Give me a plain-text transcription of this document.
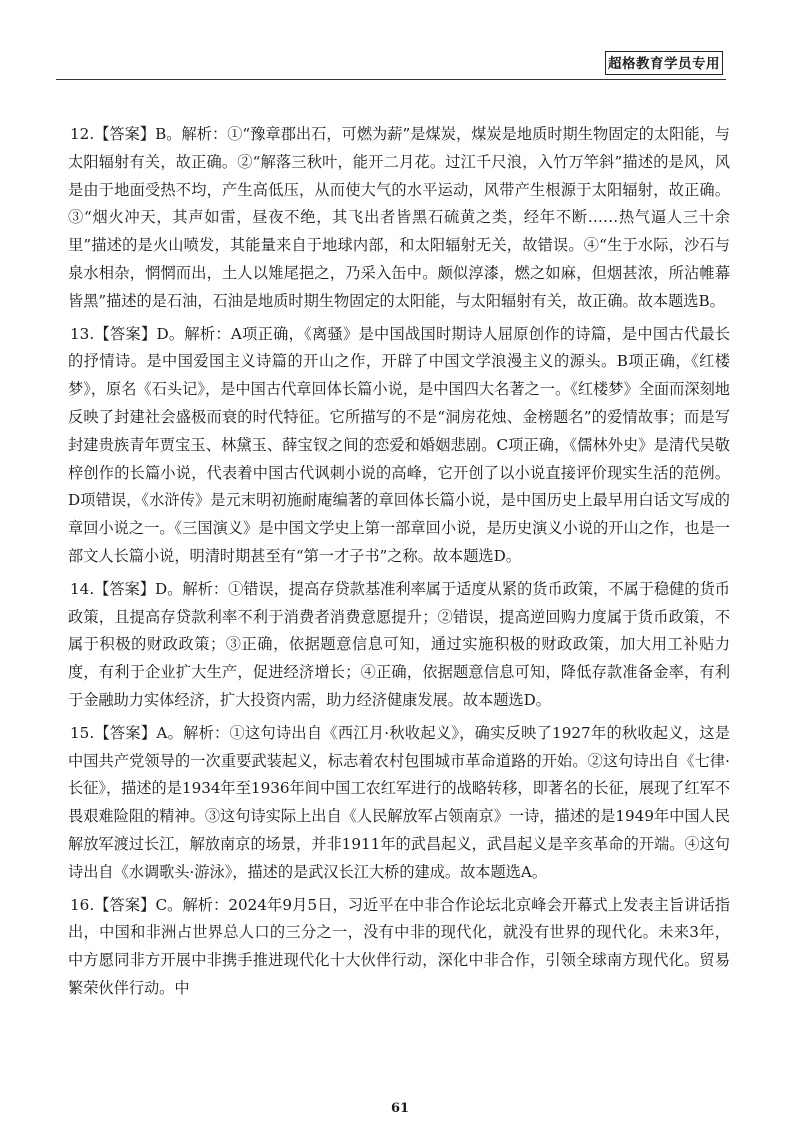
超格教育学员专用

12.【答案】B。解析：①“豫章郡出石，可燃为薪”是煤炭，煤炭是地质时期生物固定的太阳能，与太阳辐射有关，故正确。②“解落三秋叶，能开二月花。过江千尺浪，入竹万竿斜”描述的是风，风是由于地面受热不均，产生高低压，从而使大气的水平运动，风带产生根源于太阳辐射，故正确。③“烟火冲天，其声如雷，昼夜不绝，其飞出者皆黑石硫黄之类，经年不断……热气逼人三十余里”描述的是火山喷发，其能量来自于地球内部，和太阳辐射无关，故错误。④“生于水际，沙石与泉水相杂，惘惘而出，土人以雉尾挹之，乃采入缶中。颇似淳漆，燃之如麻，但烟甚浓，所沾帷幕皆黑”描述的是石油，石油是地质时期生物固定的太阳能，与太阳辐射有关，故正确。故本题选B。

13.【答案】D。解析：A项正确，《离骚》是中国战国时期诗人屈原创作的诗篇，是中国古代最长的抒情诗。是中国爱国主义诗篇的开山之作，开辟了中国文学浪漫主义的源头。B项正确，《红楼梦》，原名《石头记》，是中国古代章回体长篇小说，是中国四大名著之一。《红楼梦》全面而深刻地反映了封建社会盛极而衰的时代特征。它所描写的不是“洞房花烛、金榜题名”的爱情故事；而是写封建贵族青年贾宝玉、林黛玉、薛宝钗之间的恋爱和婚姻悲剧。C项正确，《儒林外史》是清代吴敬梓创作的长篇小说，代表着中国古代讽刺小说的高峰，它开创了以小说直接评价现实生活的范例。D项错误，《水浒传》是元末明初施耐庵编著的章回体长篇小说，是中国历史上最早用白话文写成的章回小说之一。《三国演义》是中国文学史上第一部章回小说，是历史演义小说的开山之作，也是一部文人长篇小说，明清时期甚至有“第一才子书”之称。故本题选D。

14.【答案】D。解析：①错误，提高存贷款基准利率属于适度从紧的货币政策，不属于稳健的货币政策，且提高存贷款利率不利于消费者消费意愿提升；②错误，提高逆回购力度属于货币政策，不属于积极的财政政策；③正确，依据题意信息可知，通过实施积极的财政政策，加大用工补贴力度，有利于企业扩大生产，促进经济增长；④正确，依据题意信息可知，降低存款准备金率，有利于金融助力实体经济，扩大投资内需，助力经济健康发展。故本题选D。

15.【答案】A。解析：①这句诗出自《西江月·秋收起义》，确实反映了1927年的秋收起义，这是中国共产党领导的一次重要武装起义，标志着农村包围城市革命道路的开始。②这句诗出自《七律·长征》，描述的是1934年至1936年间中国工农红军进行的战略转移，即著名的长征，展现了红军不畏艰难险阻的精神。③这句诗实际上出自《人民解放军占领南京》一诗，描述的是1949年中国人民解放军渡过长江，解放南京的场景，并非1911年的武昌起义，武昌起义是辛亥革命的开端。④这句诗出自《水调歌头·游泳》，描述的是武汉长江大桥的建成。故本题选A。

16.【答案】C。解析：2024年9月5日，习近平在中非合作论坛北京峰会开幕式上发表主旨讲话指出，中国和非洲占世界总人口的三分之一，没有中非的现代化，就没有世界的现代化。未来3年，中方愿同非方开展中非携手推进现代化十大伙伴行动，深化中非合作，引领全球南方现代化。贸易繁荣伙伴行动。中

61
